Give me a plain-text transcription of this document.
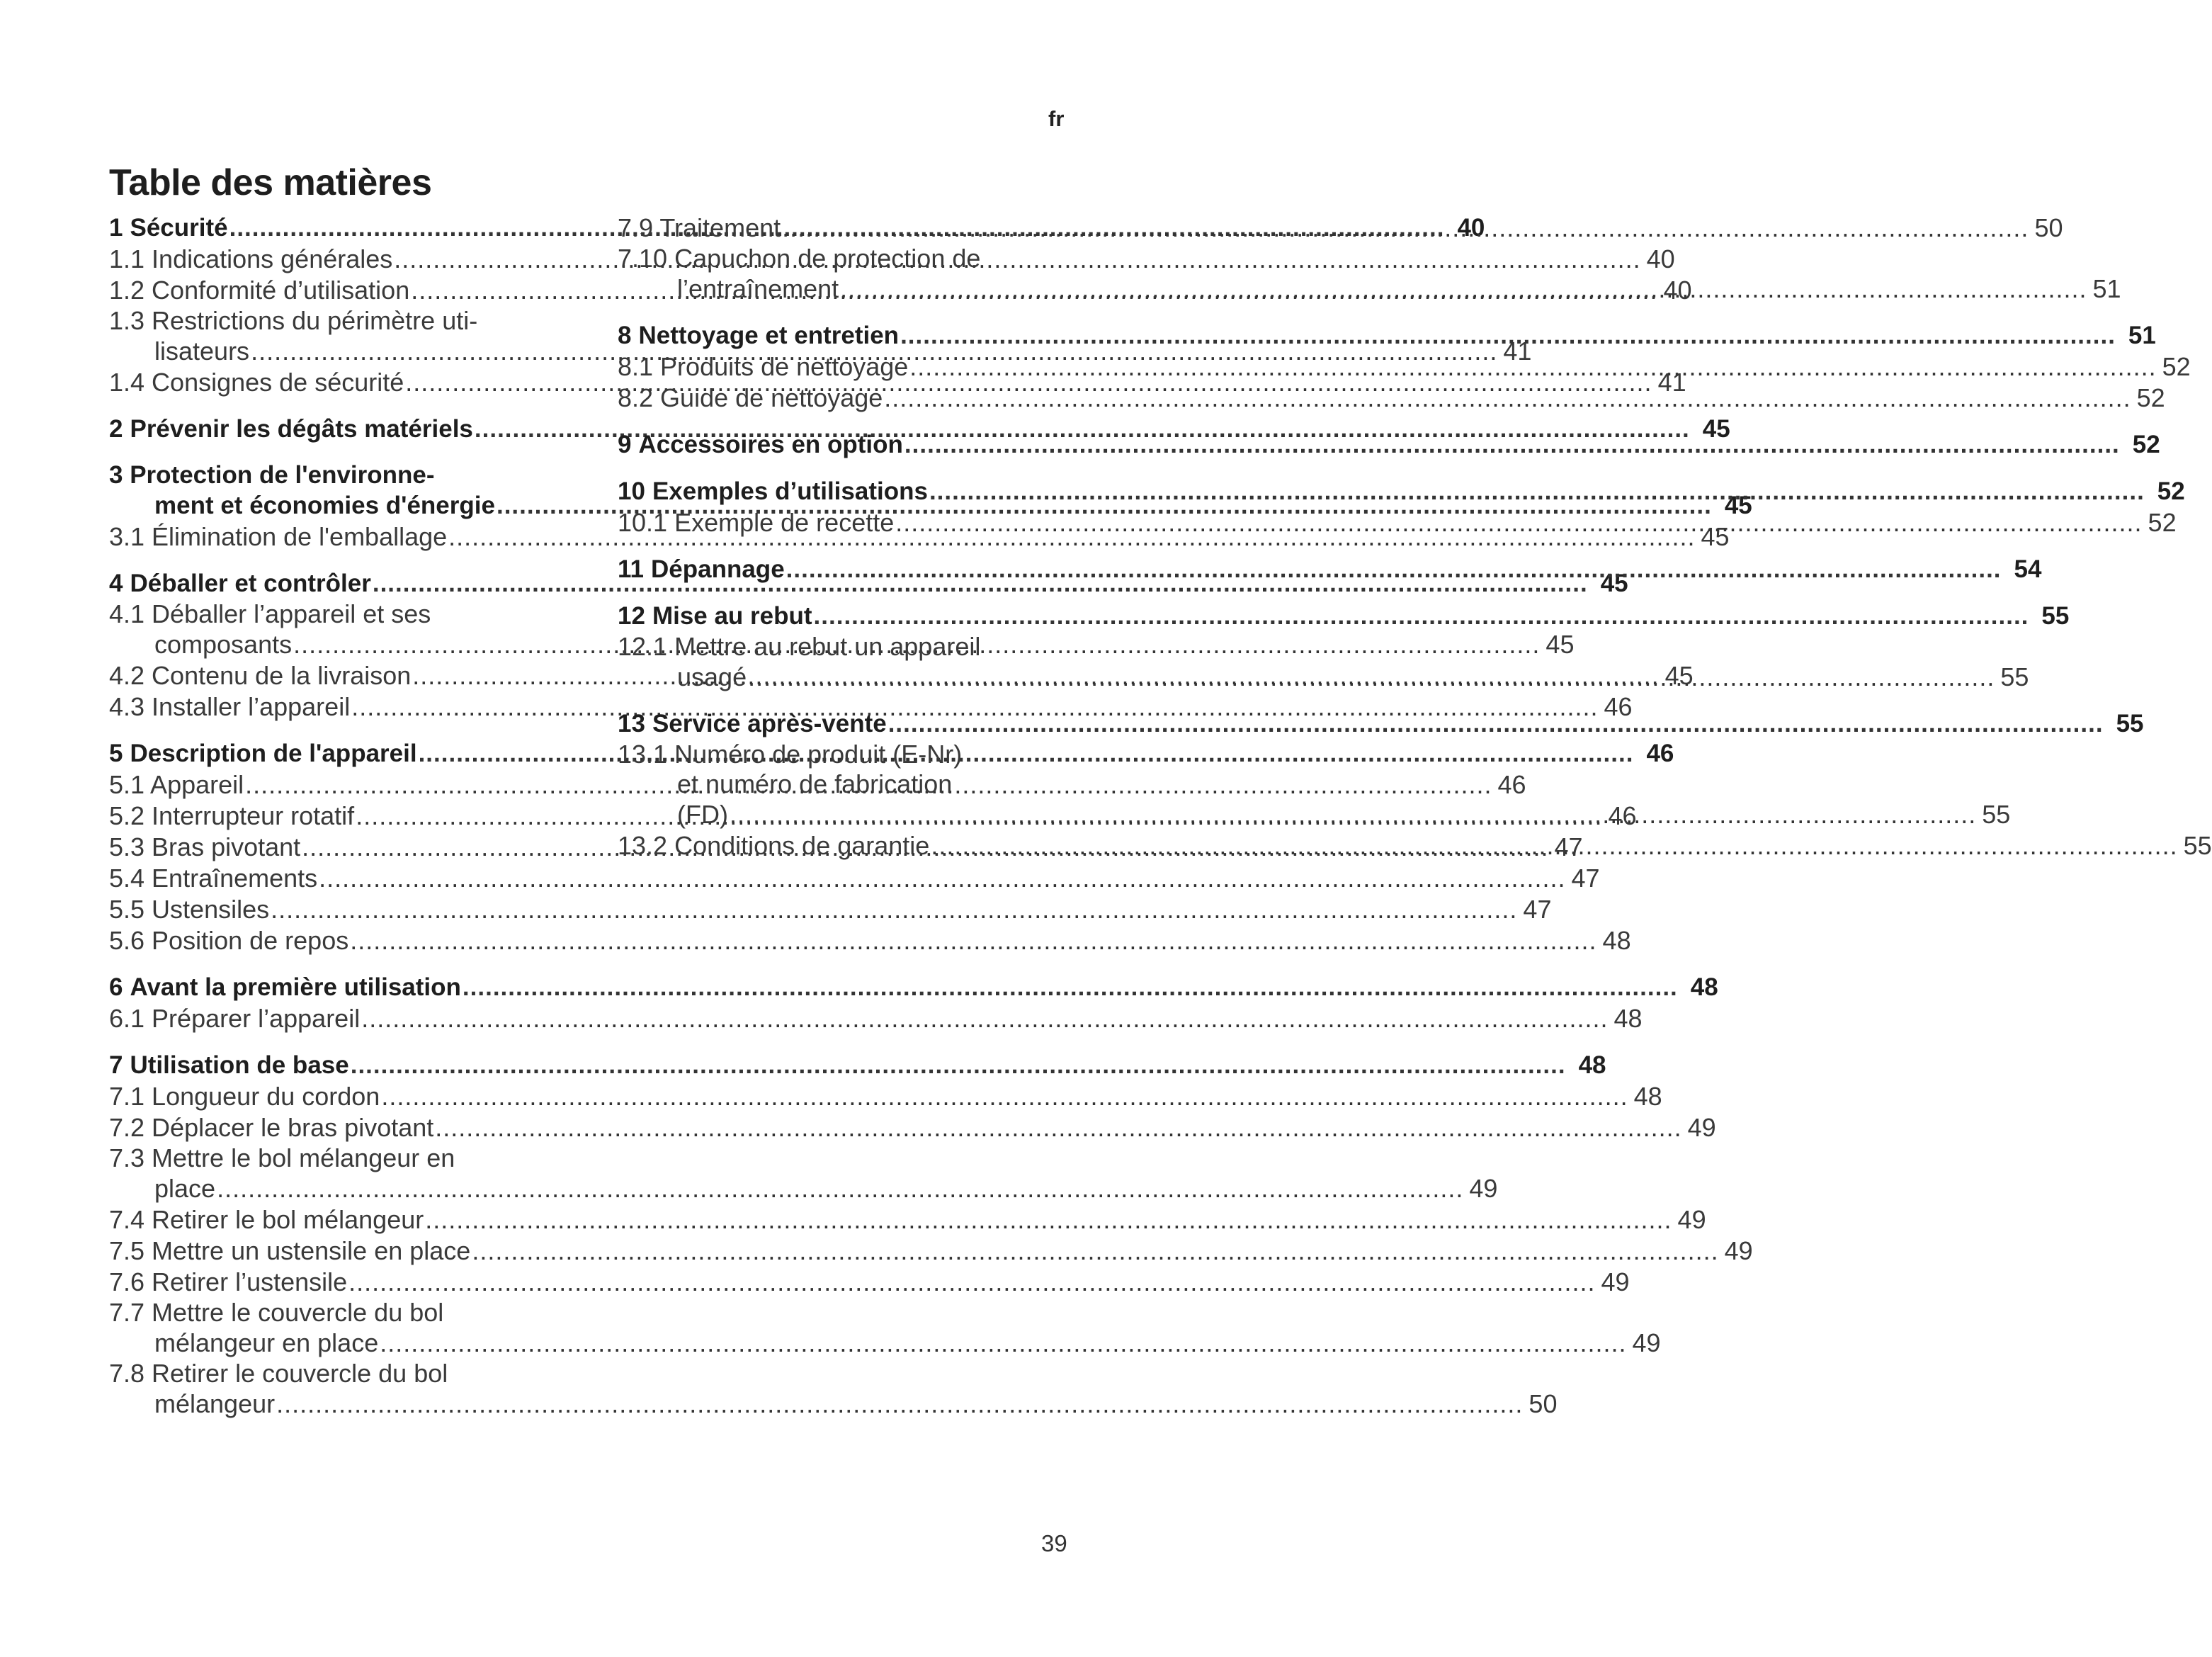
fr
Table des matières
1 Sécurité .....	40
1.1 Indications générales .....	40
1.2 Conformité d’utilisation .....	40
1.3 Restrictions du périmètre uti-
lisateurs .....	41
1.4 Consignes de sécurité .....	41
2 Prévenir les dégâts matériels .....	45
3 Protection de l'environne-
ment et économies d'énergie .....	45
3.1 Élimination de l'emballage .....	45
4 Déballer et contrôler .....	45
4.1 Déballer l’appareil et ses
composants .....	45
4.2 Contenu de la livraison .....	45
4.3 Installer l’appareil .....	46
5 Description de l'appareil .....	46
5.1 Appareil .....	46
5.2 Interrupteur rotatif .....	46
5.3 Bras pivotant .....	47
5.4 Entraînements .....	47
5.5 Ustensiles .....	47
5.6 Position de repos .....	48
6 Avant la première utilisation .....	48
6.1 Préparer l’appareil .....	48
7 Utilisation de base .....	48
7.1 Longueur du cordon .....	48
7.2 Déplacer le bras pivotant .....	49
7.3 Mettre le bol mélangeur en
place .....	49
7.4 Retirer le bol mélangeur .....	49
7.5 Mettre un ustensile en place .....	49
7.6 Retirer l’ustensile .....	49
7.7 Mettre le couvercle du bol
mélangeur en place .....	49
7.8 Retirer le couvercle du bol
mélangeur .....	50
7.9 Traitement .....	50
7.10 Capuchon de protection de
l’entraînement .....	51
8 Nettoyage et entretien .....	51
8.1 Produits de nettoyage .....	52
8.2 Guide de nettoyage .....	52
9 Accessoires en option .....	52
10 Exemples d’utilisations .....	52
10.1 Exemple de recette .....	52
11 Dépannage .....	54
12 Mise au rebut .....	55
12.1 Mettre au rebut un appareil
usagé .....	55
13 Service après-vente .....	55
13.1 Numéro de produit (E-Nr)
et numéro de fabrication
(FD) .....	55
13.2 Conditions de garantie .....	55
39
